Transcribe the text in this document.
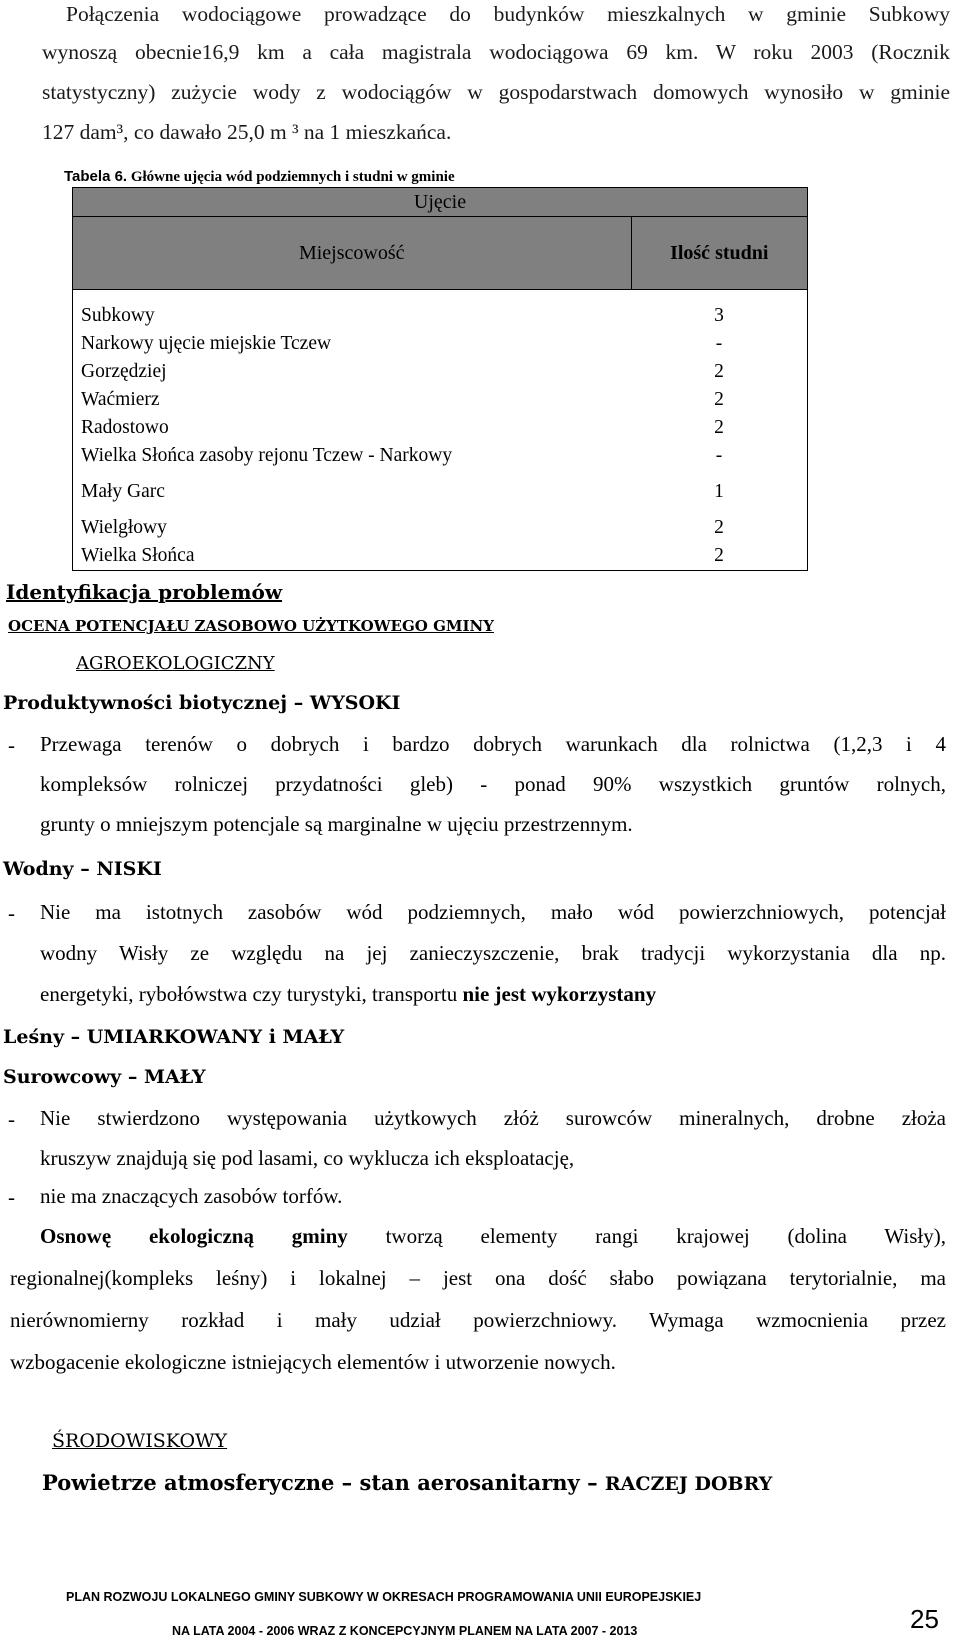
Połączenia wodociągowe prowadzące do budynków mieszkalnych w gminie Subkowy
wynoszą obecnie16,9 km a cała magistrala wodociągowa 69 km. W roku 2003 (Rocznik
statystyczny) zużycie wody z wodociągów w gospodarstwach domowych wynosiło w gminie
127 dam³, co dawało 25,0 m ³ na 1 mieszkańca.
Tabela 6. Główne ujęcia wód podziemnych i studni w gminie
Ujęcie	
Miejscowość	Ilość studni
Subkowy	3
Narkowy ujęcie miejskie Tczew	-
Gorzędziej	2
Waćmierz	2
Radostowo	2
Wielka Słońca zasoby rejonu Tczew - Narkowy	-
Mały Garc	1
Wielgłowy	2
Wielka Słońca	2
Identyfikacja problemów
OCENA POTENCJAŁU ZASOBOWO UŻYTKOWEGO GMINY
AGROEKOLOGICZNY
Produktywności biotycznej – WYSOKI
- Przewaga terenów o dobrych i bardzo dobrych warunkach dla rolnictwa (1,2,3 i 4
kompleksów rolniczej przydatności gleb) - ponad 90% wszystkich gruntów rolnych,
grunty o mniejszym potencjale są marginalne w ujęciu przestrzennym.
Wodny – NISKI
- Nie ma istotnych zasobów wód podziemnych, mało wód powierzchniowych, potencjał
wodny Wisły ze względu na jej zanieczyszczenie, brak tradycji wykorzystania dla np.
energetyki, rybołówstwa czy turystyki, transportu nie jest wykorzystany
Leśny – UMIARKOWANY i MAŁY
Surowcowy – MAŁY
- Nie stwierdzono występowania użytkowych złóż surowców mineralnych, drobne złoża
kruszyw znajdują się pod lasami, co wyklucza ich eksploatację,
- nie ma znaczących zasobów torfów.
Osnowę ekologiczną gminy tworzą elementy rangi krajowej (dolina Wisły),
regionalnej(kompleks leśny) i lokalnej – jest ona dość słabo powiązana terytorialnie, ma
nierównomierny rozkład i mały udział powierzchniowy. Wymaga wzmocnienia przez
wzbogacenie ekologiczne istniejących elementów i utworzenie nowych.
ŚRODOWISKOWY
Powietrze atmosferyczne – stan aerosanitarny – RACZEJ DOBRY
PLAN ROZWOJU LOKALNEGO GMINY SUBKOWY W OKRESACH PROGRAMOWANIA UNII EUROPEJSKIEJ
NA LATA 2004 - 2006 WRAZ Z KONCEPCYJNYM PLANEM NA LATA 2007 - 2013	25
